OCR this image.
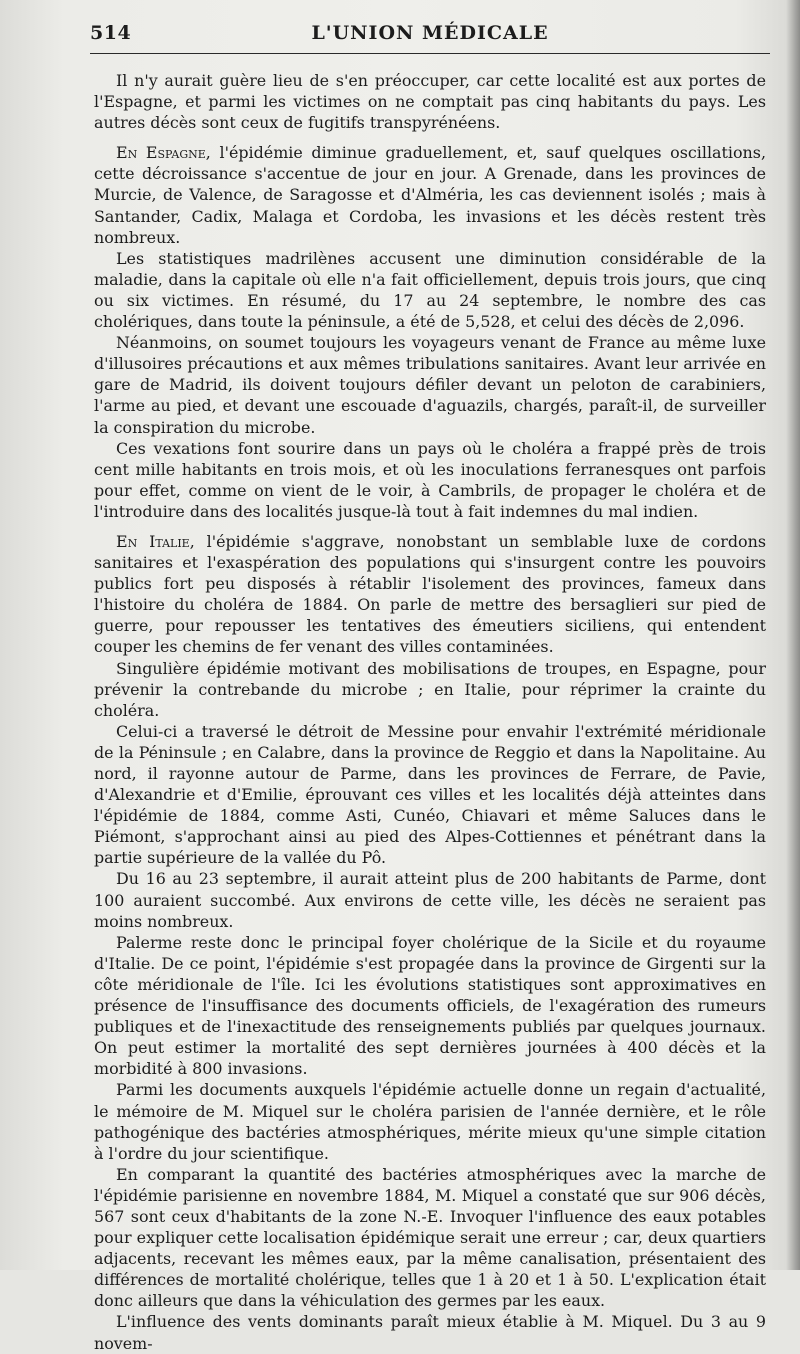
514	L'UNION MÉDICALE

Il n'y aurait guère lieu de s'en préoccuper, car cette localité est aux portes de l'Espagne, et parmi les victimes on ne comptait pas cinq habitants du pays. Les autres décès sont ceux de fugitifs transpyrénéens.

En Espagne, l'épidémie diminue graduellement, et, sauf quelques oscillations, cette décroissance s'accentue de jour en jour. A Grenade, dans les provinces de Murcie, de Valence, de Saragosse et d'Alméria, les cas deviennent isolés ; mais à Santander, Cadix, Malaga et Cordoba, les invasions et les décès restent très nombreux.

Les statistiques madrilènes accusent une diminution considérable de la maladie, dans la capitale où elle n'a fait officiellement, depuis trois jours, que cinq ou six victimes. En résumé, du 17 au 24 septembre, le nombre des cas cholériques, dans toute la péninsule, a été de 5,528, et celui des décès de 2,096.

Néanmoins, on soumet toujours les voyageurs venant de France au même luxe d'illusoires précautions et aux mêmes tribulations sanitaires. Avant leur arrivée en gare de Madrid, ils doivent toujours défiler devant un peloton de carabiniers, l'arme au pied, et devant une escouade d'aguazils, chargés, paraît-il, de surveiller la conspiration du microbe.

Ces vexations font sourire dans un pays où le choléra a frappé près de trois cent mille habitants en trois mois, et où les inoculations ferranesques ont parfois pour effet, comme on vient de le voir, à Cambrils, de propager le choléra et de l'introduire dans des localités jusque-là tout à fait indemnes du mal indien.

En Italie, l'épidémie s'aggrave, nonobstant un semblable luxe de cordons sanitaires et l'exaspération des populations qui s'insurgent contre les pouvoirs publics fort peu disposés à rétablir l'isolement des provinces, fameux dans l'histoire du choléra de 1884. On parle de mettre des bersaglieri sur pied de guerre, pour repousser les tentatives des émeutiers siciliens, qui entendent couper les chemins de fer venant des villes contaminées.

Singulière épidémie motivant des mobilisations de troupes, en Espagne, pour prévenir la contrebande du microbe ; en Italie, pour réprimer la crainte du choléra.

Celui-ci a traversé le détroit de Messine pour envahir l'extrémité méridionale de la Péninsule ; en Calabre, dans la province de Reggio et dans la Napolitaine. Au nord, il rayonne autour de Parme, dans les provinces de Ferrare, de Pavie, d'Alexandrie et d'Emilie, éprouvant ces villes et les localités déjà atteintes dans l'épidémie de 1884, comme Asti, Cunéo, Chiavari et même Saluces dans le Piémont, s'approchant ainsi au pied des Alpes-Cottiennes et pénétrant dans la partie supérieure de la vallée du Pô.

Du 16 au 23 septembre, il aurait atteint plus de 200 habitants de Parme, dont 100 auraient succombé. Aux environs de cette ville, les décès ne seraient pas moins nombreux.

Palerme reste donc le principal foyer cholérique de la Sicile et du royaume d'Italie. De ce point, l'épidémie s'est propagée dans la province de Girgenti sur la côte méridionale de l'île. Ici les évolutions statistiques sont approximatives en présence de l'insuffisance des documents officiels, de l'exagération des rumeurs publiques et de l'inexactitude des renseignements publiés par quelques journaux. On peut estimer la mortalité des sept dernières journées à 400 décès et la morbidité à 800 invasions.

Parmi les documents auxquels l'épidémie actuelle donne un regain d'actualité, le mémoire de M. Miquel sur le choléra parisien de l'année dernière, et le rôle pathogénique des bactéries atmosphériques, mérite mieux qu'une simple citation à l'ordre du jour scientifique.

En comparant la quantité des bactéries atmosphériques avec la marche de l'épidémie parisienne en novembre 1884, M. Miquel a constaté que sur 906 décès, 567 sont ceux d'habitants de la zone N.-E. Invoquer l'influence des eaux potables pour expliquer cette localisation épidémique serait une erreur ; car, deux quartiers adjacents, recevant les mêmes eaux, par la même canalisation, présentaient des différences de mortalité cholérique, telles que 1 à 20 et 1 à 50. L'explication était donc ailleurs que dans la véhiculation des germes par les eaux.

L'influence des vents dominants paraît mieux établie à M. Miquel. Du 3 au 9 novem-
